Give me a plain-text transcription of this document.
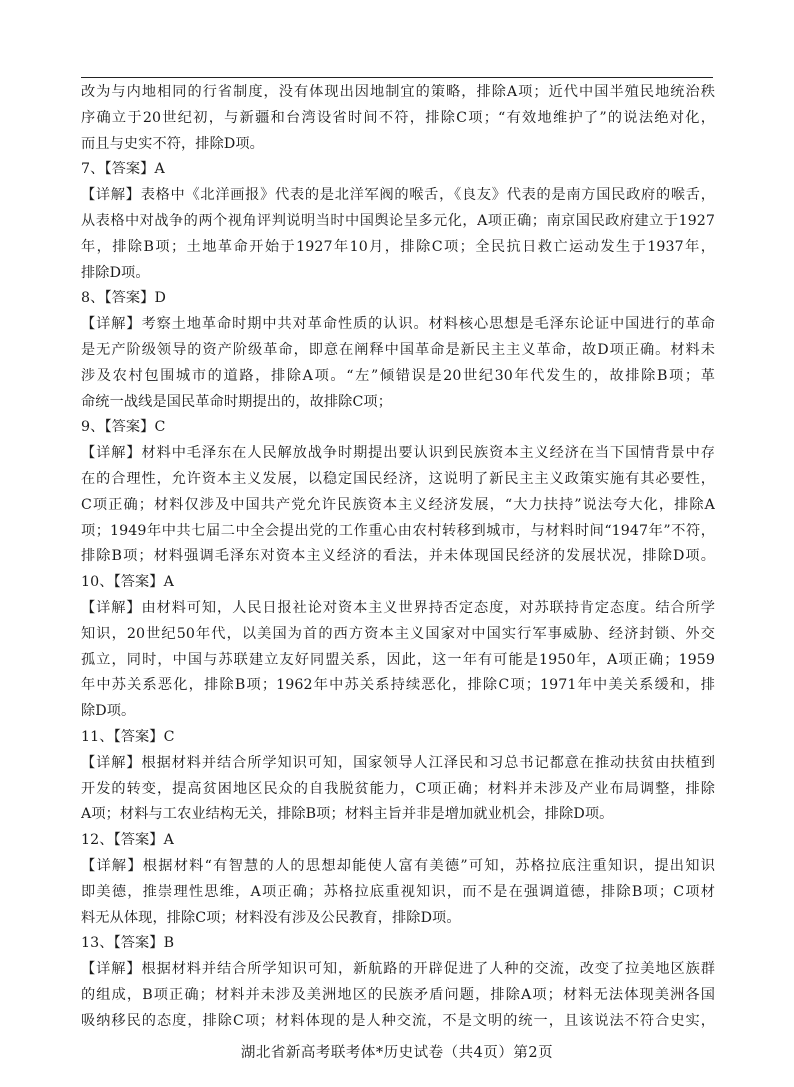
改为与内地相同的行省制度，没有体现出因地制宜的策略，排除A项；近代中国半殖民地统治秩
序确立于20世纪初，与新疆和台湾设省时间不符，排除C项；“有效地维护了”的说法绝对化，
而且与史实不符，排除D项。
7、【答案】A
【详解】表格中《北洋画报》代表的是北洋军阀的喉舌，《良友》代表的是南方国民政府的喉舌，
从表格中对战争的两个视角评判说明当时中国舆论呈多元化，A项正确；南京国民政府建立于1927
年，排除B项；土地革命开始于1927年10月，排除C项；全民抗日救亡运动发生于1937年，
排除D项。
8、【答案】D
【详解】考察土地革命时期中共对革命性质的认识。材料核心思想是毛泽东论证中国进行的革命
是无产阶级领导的资产阶级革命，即意在阐释中国革命是新民主主义革命，故D项正确。材料未
涉及农村包围城市的道路，排除A项。“左”倾错误是20世纪30年代发生的，故排除B项；革
命统一战线是国民革命时期提出的，故排除C项；
9、【答案】C
【详解】材料中毛泽东在人民解放战争时期提出要认识到民族资本主义经济在当下国情背景中存
在的合理性，允许资本主义发展，以稳定国民经济，这说明了新民主主义政策实施有其必要性，
C项正确；材料仅涉及中国共产党允许民族资本主义经济发展，“大力扶持”说法夸大化，排除A
项；1949年中共七届二中全会提出党的工作重心由农村转移到城市，与材料时间“1947年”不符，
排除B项；材料强调毛泽东对资本主义经济的看法，并未体现国民经济的发展状况，排除D项。
10、【答案】A
【详解】由材料可知，人民日报社论对资本主义世界持否定态度，对苏联持肯定态度。结合所学
知识，20世纪50年代，以美国为首的西方资本主义国家对中国实行军事威胁、经济封锁、外交
孤立，同时，中国与苏联建立友好同盟关系，因此，这一年有可能是1950年，A项正确；1959
年中苏关系恶化，排除B项；1962年中苏关系持续恶化，排除C项；1971年中美关系缓和，排
除D项。
11、【答案】C
【详解】根据材料并结合所学知识可知，国家领导人江泽民和习总书记都意在推动扶贫由扶植到
开发的转变，提高贫困地区民众的自我脱贫能力，C项正确；材料并未涉及产业布局调整，排除
A项；材料与工农业结构无关，排除B项；材料主旨并非是增加就业机会，排除D项。
12、【答案】A
【详解】根据材料“有智慧的人的思想却能使人富有美德”可知，苏格拉底注重知识，提出知识
即美德，推崇理性思维，A项正确；苏格拉底重视知识，而不是在强调道德，排除B项；C项材
料无从体现，排除C项；材料没有涉及公民教育，排除D项。
13、【答案】B
【详解】根据材料并结合所学知识可知，新航路的开辟促进了人种的交流，改变了拉美地区族群
的组成，B项正确；材料并未涉及美洲地区的民族矛盾问题，排除A项；材料无法体现美洲各国
吸纳移民的态度，排除C项；材料体现的是人种交流，不是文明的统一，且该说法不符合史实，
湖北省新高考联考体*历史试卷（共4页）第2页
